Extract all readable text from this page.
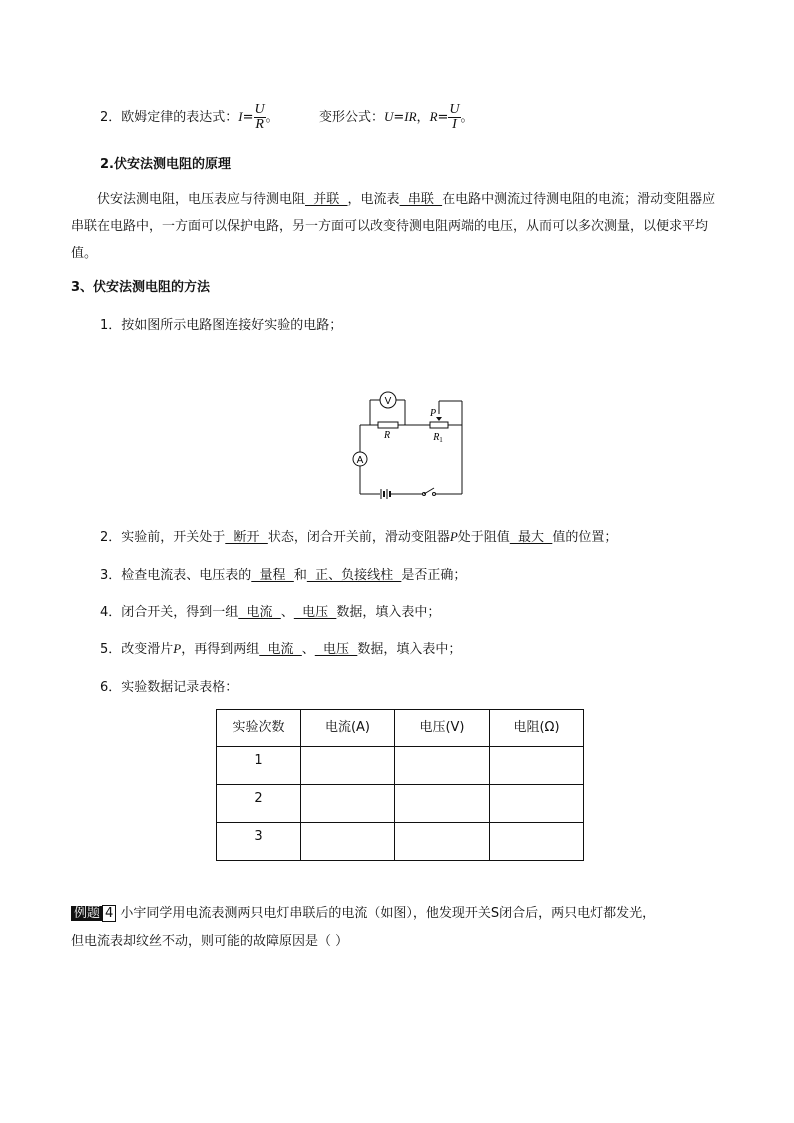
2．欧姆定律的表达式：$I= \frac{U}{R}$ 。	变形公式：U=IR，$R= \frac{U}{I}$ 。
2.伏安法测电阻的原理
伏安法测电阻，电压表应与待测电阻  并联  ，电流表  串联  在电路中测流过待测电阻的电流；滑动变阻器应串联在电路中，一方面可以保护电路，另一方面可以改变待测电阻两端的电压，从而可以多次测量，以便求平均值。
3、伏安法测电阻的方法
1．按如图所示电路图连接好实验的电路；
V
A
R
P
$R_1$
2．实验前，开关处于  断开  状态，闭合开关前，滑动变阻器P处于阻值  最大  值的位置；
3．检查电流表、电压表的  量程  和  正、负接线柱  是否正确；
4．闭合开关，得到一组  电流  、  电压  数据，填入表中；
5．改变滑片P，再得到两组  电流  、  电压  数据，填入表中；
6．实验数据记录表格：
实验次数	电流(A)	电压(V)	电阻(Ω)
1			
2			
3			
例题 4 小宇同学用电流表测两只电灯串联后的电流（如图），他发现开关S闭合后，两只电灯都发光，
但电流表却纹丝不动，则可能的故障原因是（ ）
